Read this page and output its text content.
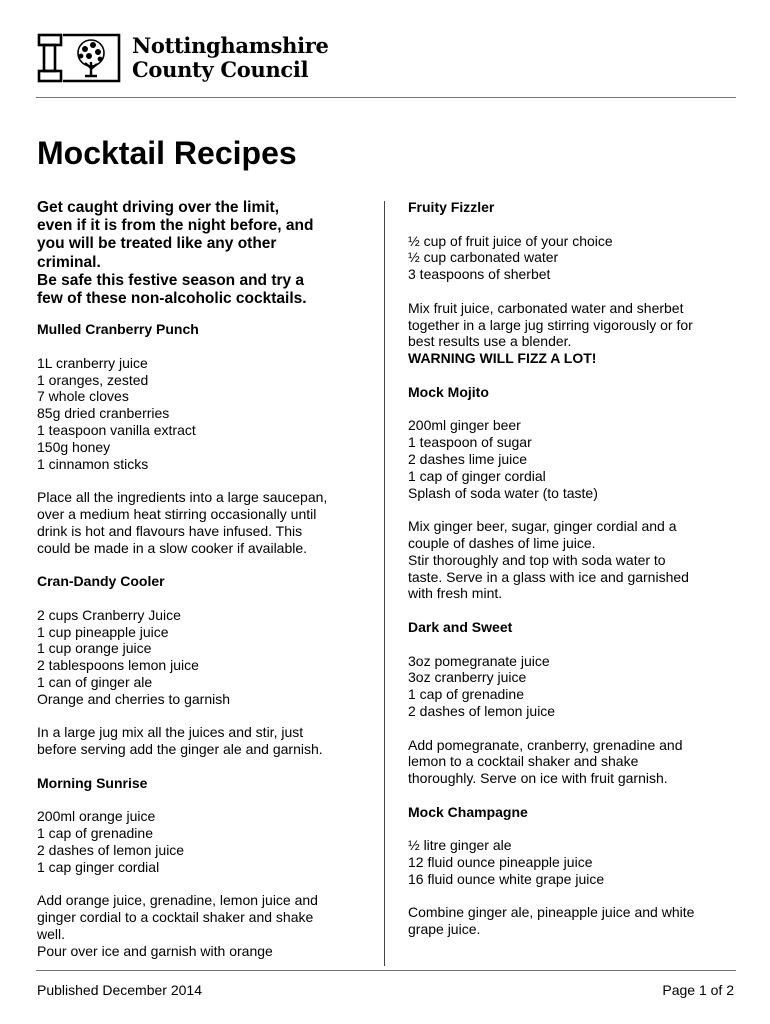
Nottinghamshire
County Council
Mocktail Recipes
Get caught driving over the limit,
even if it is from the night before, and
you will be treated like any other
criminal.
Be safe this festive season and try a
few of these non-alcoholic cocktails.
Mulled Cranberry Punch
1L cranberry juice
1 oranges, zested
7 whole cloves
85g dried cranberries
1 teaspoon vanilla extract
150g honey
1 cinnamon sticks
Place all the ingredients into a large saucepan,
over a medium heat stirring occasionally until
drink is hot and flavours have infused. This
could be made in a slow cooker if available.
Cran-Dandy Cooler
2 cups Cranberry Juice
1 cup pineapple juice
1 cup orange juice
2 tablespoons lemon juice
1 can of ginger ale
Orange and cherries to garnish
In a large jug mix all the juices and stir, just
before serving add the ginger ale and garnish.
Morning Sunrise
200ml orange juice
1 cap of grenadine
2 dashes of lemon juice
1 cap ginger cordial
Add orange juice, grenadine, lemon juice and
ginger cordial to a cocktail shaker and shake
well.
Pour over ice and garnish with orange
Fruity Fizzler
½ cup of fruit juice of your choice
½ cup carbonated water
3 teaspoons of sherbet
Mix fruit juice, carbonated water and sherbet
together in a large jug stirring vigorously or for
best results use a blender.
WARNING WILL FIZZ A LOT!
Mock Mojito
200ml ginger beer
1 teaspoon of sugar
2 dashes lime juice
1 cap of ginger cordial
Splash of soda water (to taste)
Mix ginger beer, sugar, ginger cordial and a
couple of dashes of lime juice.
Stir thoroughly and top with soda water to
taste. Serve in a glass with ice and garnished
with fresh mint.
Dark and Sweet
3oz pomegranate juice
3oz cranberry juice
1 cap of grenadine
2 dashes of lemon juice
Add pomegranate, cranberry, grenadine and
lemon to a cocktail shaker and shake
thoroughly. Serve on ice with fruit garnish.
Mock Champagne
½ litre ginger ale
12 fluid ounce pineapple juice
16 fluid ounce white grape juice
Combine ginger ale, pineapple juice and white
grape juice.
Published December 2014	Page 1 of 2
